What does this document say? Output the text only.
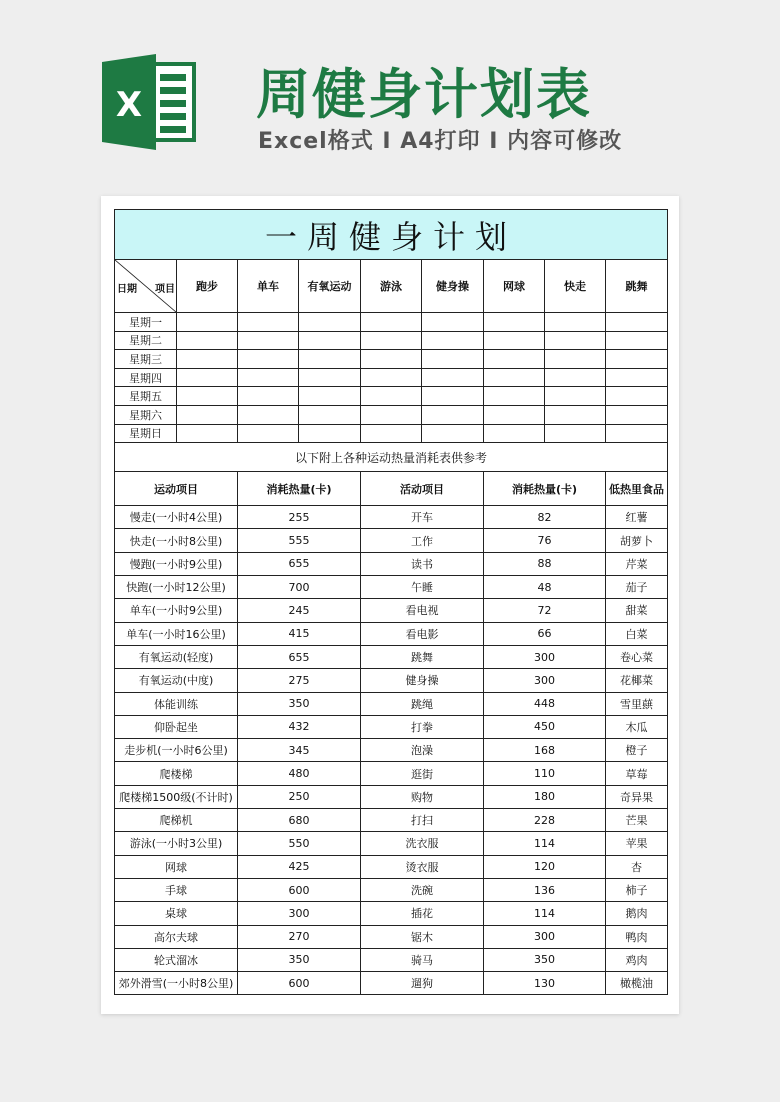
X 周健身计划表
Excel格式 I A4打印 I 内容可修改
一周健身计划								

日期 项目	跑步	单车	有氧运动	游泳	健身操	网球	快走	跳舞
星期一								
星期二								
星期三								
星期四								
星期五								
星期六								
星期日								
以下附上各种运动热量消耗表供参考								
运动项目		消耗热量(卡)		活动项目		消耗热量(卡)		低热里食品
慢走(一小时4公里)		255		开车		82		红薯
快走(一小时8公里)		555		工作		76		胡萝卜
慢跑(一小时9公里)		655		读书		88		芹菜
快跑(一小时12公里)		700		午睡		48		茄子
单车(一小时9公里)		245		看电视		72		甜菜
单车(一小时16公里)		415		看电影		66		白菜
有氧运动(轻度)		655		跳舞		300		卷心菜
有氧运动(中度)		275		健身操		300		花椰菜
体能训练		350		跳绳		448		雪里蕻
仰卧起坐		432		打拳		450		木瓜
走步机(一小时6公里)		345		泡澡		168		橙子
爬楼梯		480		逛街		110		草莓
爬楼梯1500级(不计时)		250		购物		180		奇异果
爬梯机		680		打扫		228		芒果
游泳(一小时3公里)		550		洗衣服		114		苹果
网球		425		烫衣服		120		杏
手球		600		洗碗		136		柿子
桌球		300		插花		114		鹅肉
高尔夫球		270		锯木		300		鸭肉
轮式溜冰		350		骑马		350		鸡肉
郊外滑雪(一小时8公里)		600		遛狗		130		橄榄油
